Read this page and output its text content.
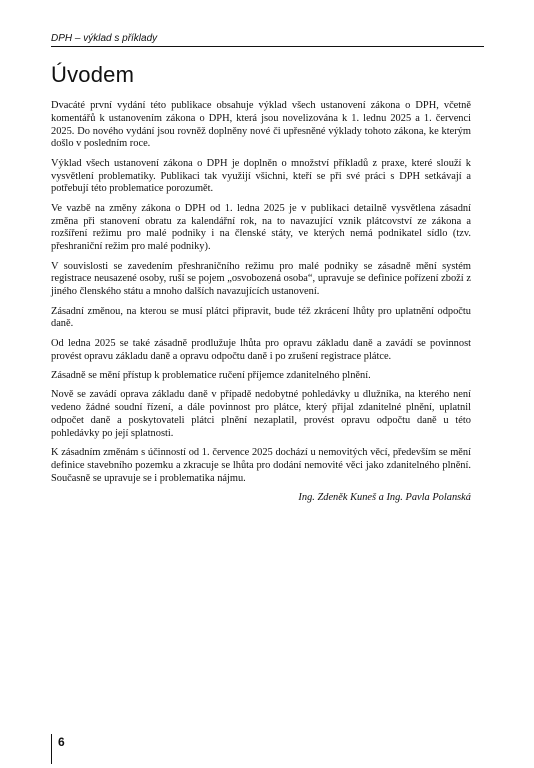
DPH – výklad s příklady
Úvodem

Dvacáté první vydání této publikace obsahuje výklad všech ustanovení zákona o DPH, včetně komentářů k ustanovením zákona o DPH, která jsou novelizována k 1. lednu 2025 a 1. červenci 2025. Do nového vydání jsou rovněž doplněny nové či upřesněné výklady tohoto zákona, ke kterým došlo v posledním roce.

Výklad všech ustanovení zákona o DPH je doplněn o množství příkladů z praxe, které slouží k vysvětlení problematiky. Publikaci tak využijí všichni, kteří se při své práci s DPH setkávají a potřebují této problematice porozumět.

Ve vazbě na změny zákona o DPH od 1. ledna 2025 je v publikaci detailně vysvětlena zásadní změna při stanovení obratu za kalendářní rok, na to navazující vznik plátcovství ze zákona a rozšíření režimu pro malé podniky i na členské státy, ve kterých nemá podnikatel sídlo (tzv. přeshraniční režim pro malé podniky).

V souvislosti se zavedením přeshraničního režimu pro malé podniky se zásadně mění systém registrace neusazené osoby, ruší se pojem „osvobozená osoba“, upravuje se definice pořízení zboží z jiného členského státu a mnoho dalších navazujících ustanovení.

Zásadní změnou, na kterou se musí plátci připravit, bude též zkrácení lhůty pro uplatnění odpočtu daně.

Od ledna 2025 se také zásadně prodlužuje lhůta pro opravu základu daně a zavádí se povinnost provést opravu základu daně a opravu odpočtu daně i po zrušení registrace plátce.

Zásadně se mění přístup k problematice ručení příjemce zdanitelného plnění.

Nově se zavádí oprava základu daně v případě nedobytné pohledávky u dlužníka, na kterého není vedeno žádné soudní řízení, a dále povinnost pro plátce, který přijal zdanitelné plnění, uplatnil odpočet daně a poskytovateli plátci plnění nezaplatil, provést opravu odpočtu daně u této pohledávky po její splatnosti.

K zásadním změnám s účinností od 1. července 2025 dochází u nemovitých věcí, především se mění definice stavebního pozemku a zkracuje se lhůta pro dodání nemovité věci jako zdanitelného plnění. Současně se upravuje se i problematika nájmu.

Ing. Zdeněk Kuneš a Ing. Pavla Polanská
6
